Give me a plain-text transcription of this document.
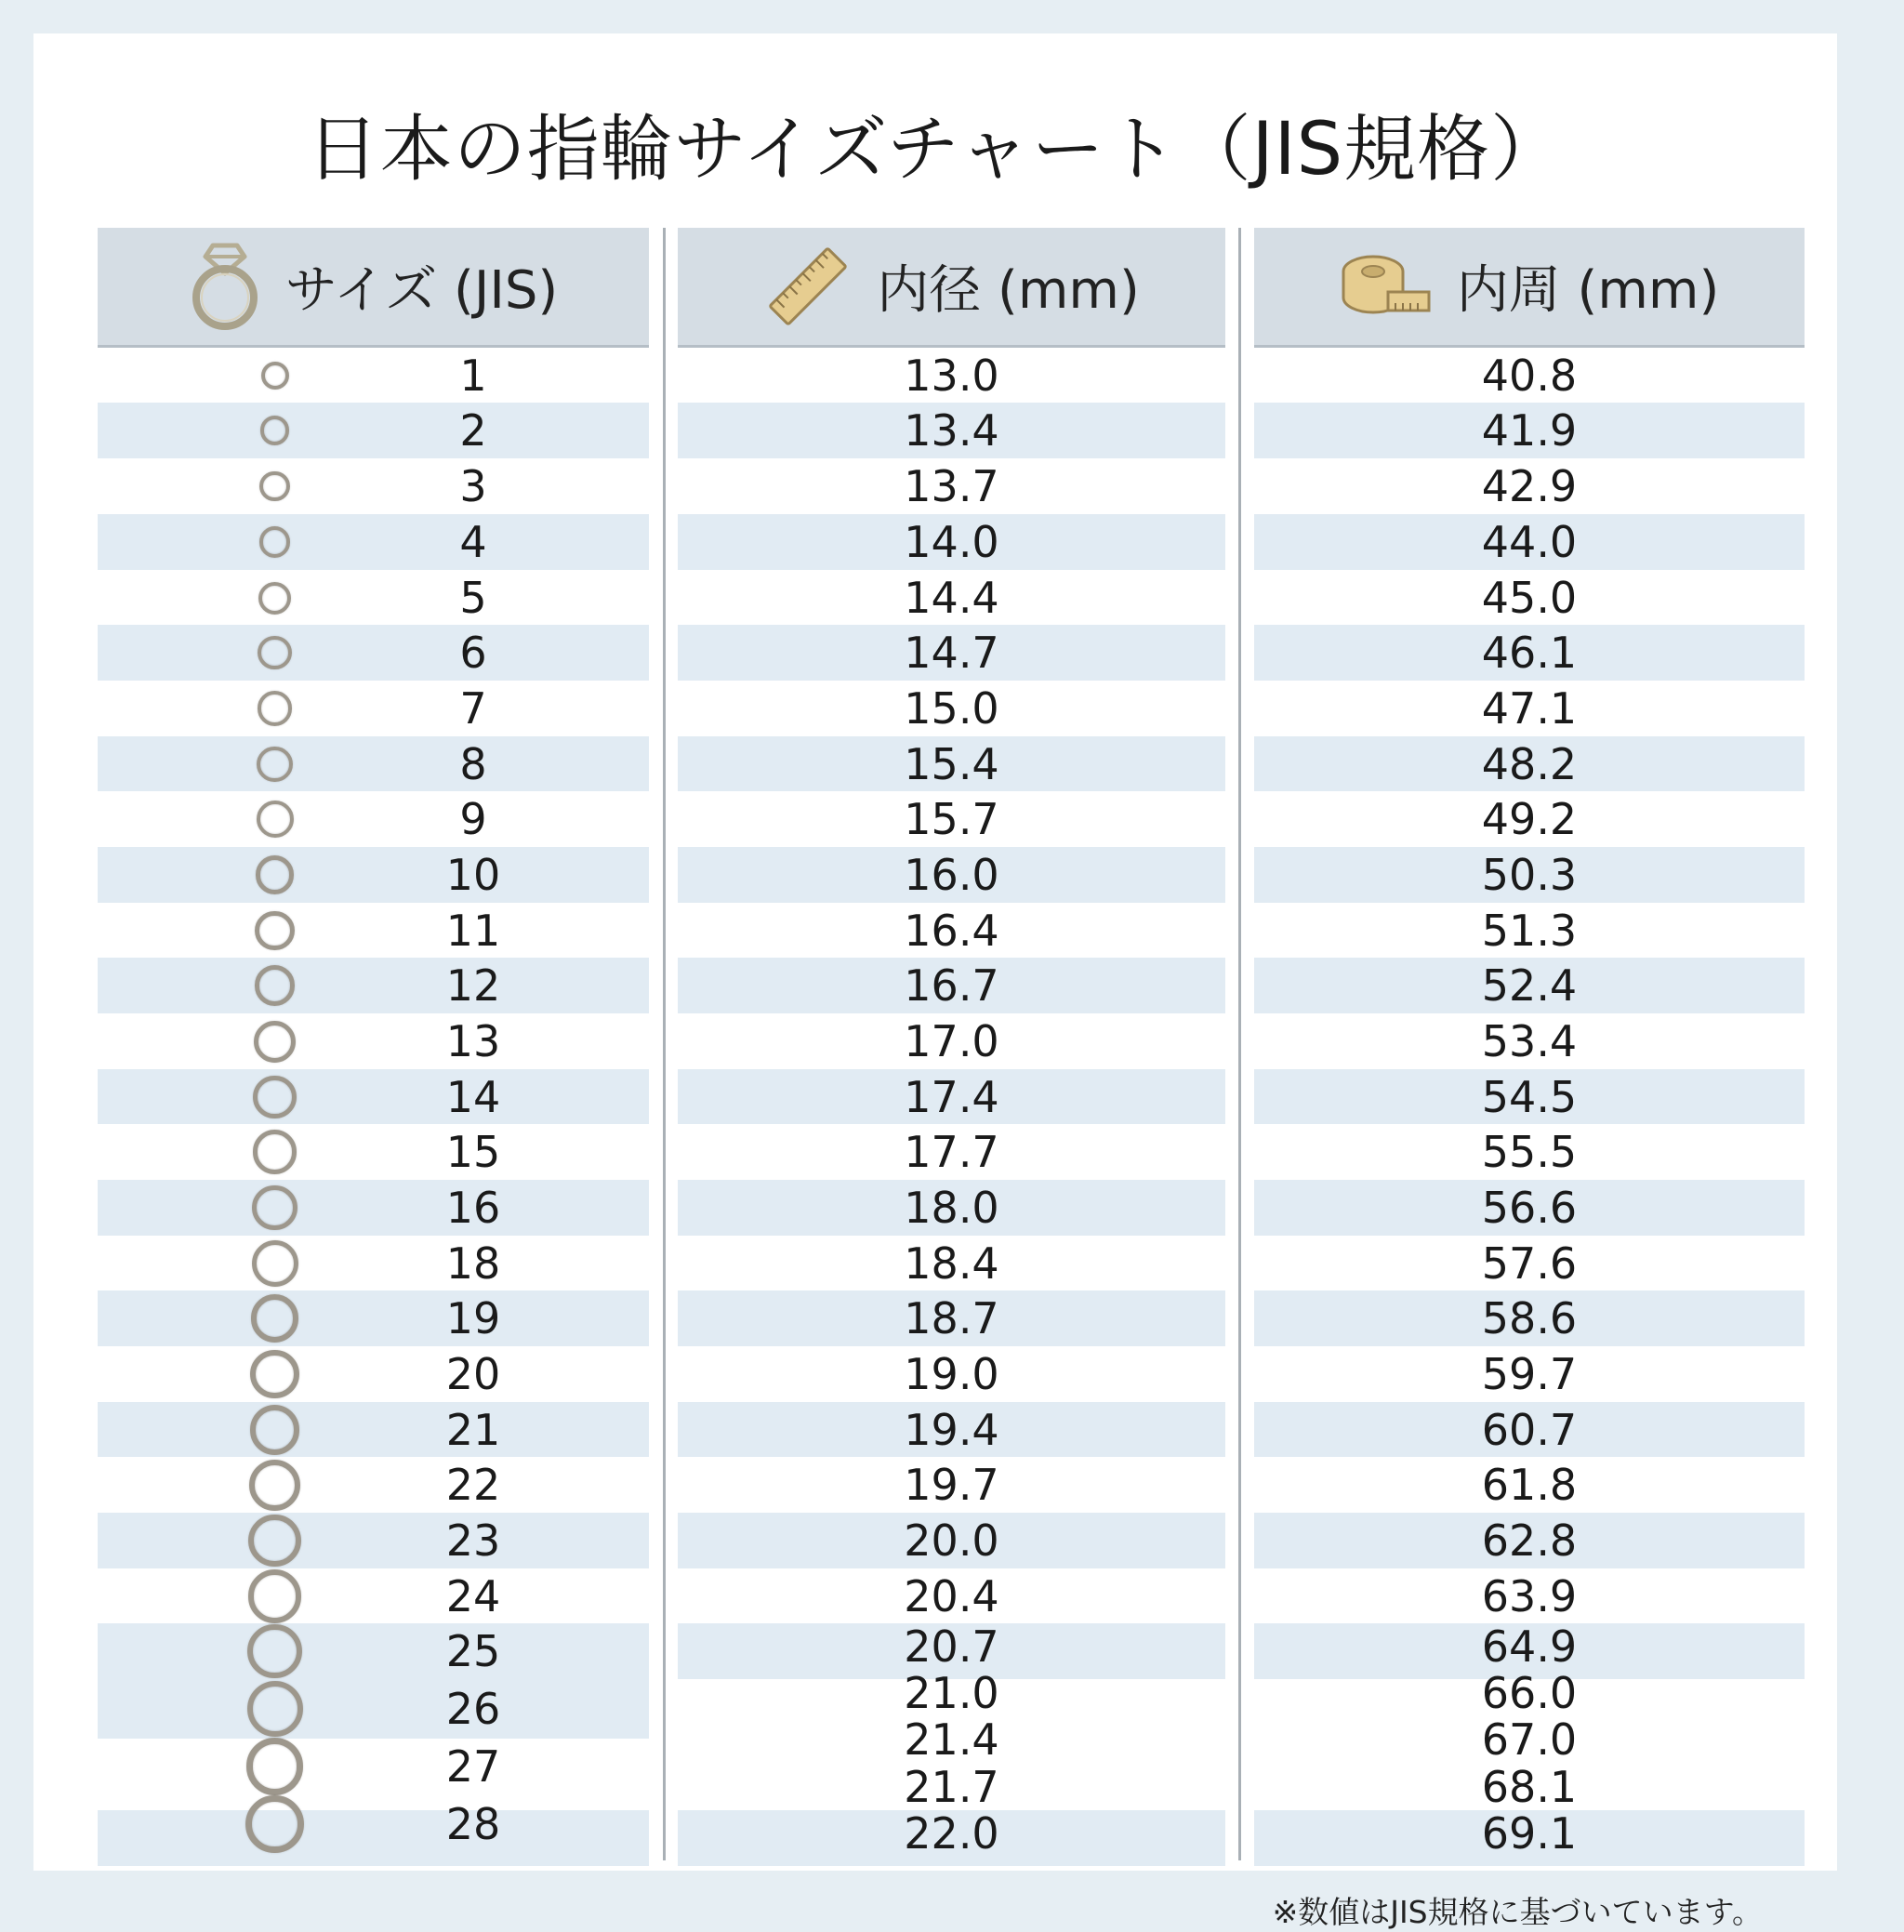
日本の指輪サイズチャート（JIS規格）
サイズ (JIS)
1
2
3
4
5
6
7
8
9
10
11
12
13
14
15
16
18
19
20
21
22
23
24
25
26
27
28
内径 (mm)
13.0
13.4
13.7
14.0
14.4
14.7
15.0
15.4
15.7
16.0
16.4
16.7
17.0
17.4
17.7
18.0
18.4
18.7
19.0
19.4
19.7
20.0
20.4
20.7
21.0
21.4
21.7
22.0
内周 (mm)
40.8
41.9
42.9
44.0
45.0
46.1
47.1
48.2
49.2
50.3
51.3
52.4
53.4
54.5
55.5
56.6
57.6
58.6
59.7
60.7
61.8
62.8
63.9
64.9
66.0
67.0
68.1
69.1
※数値はJIS規格に基づいています。
